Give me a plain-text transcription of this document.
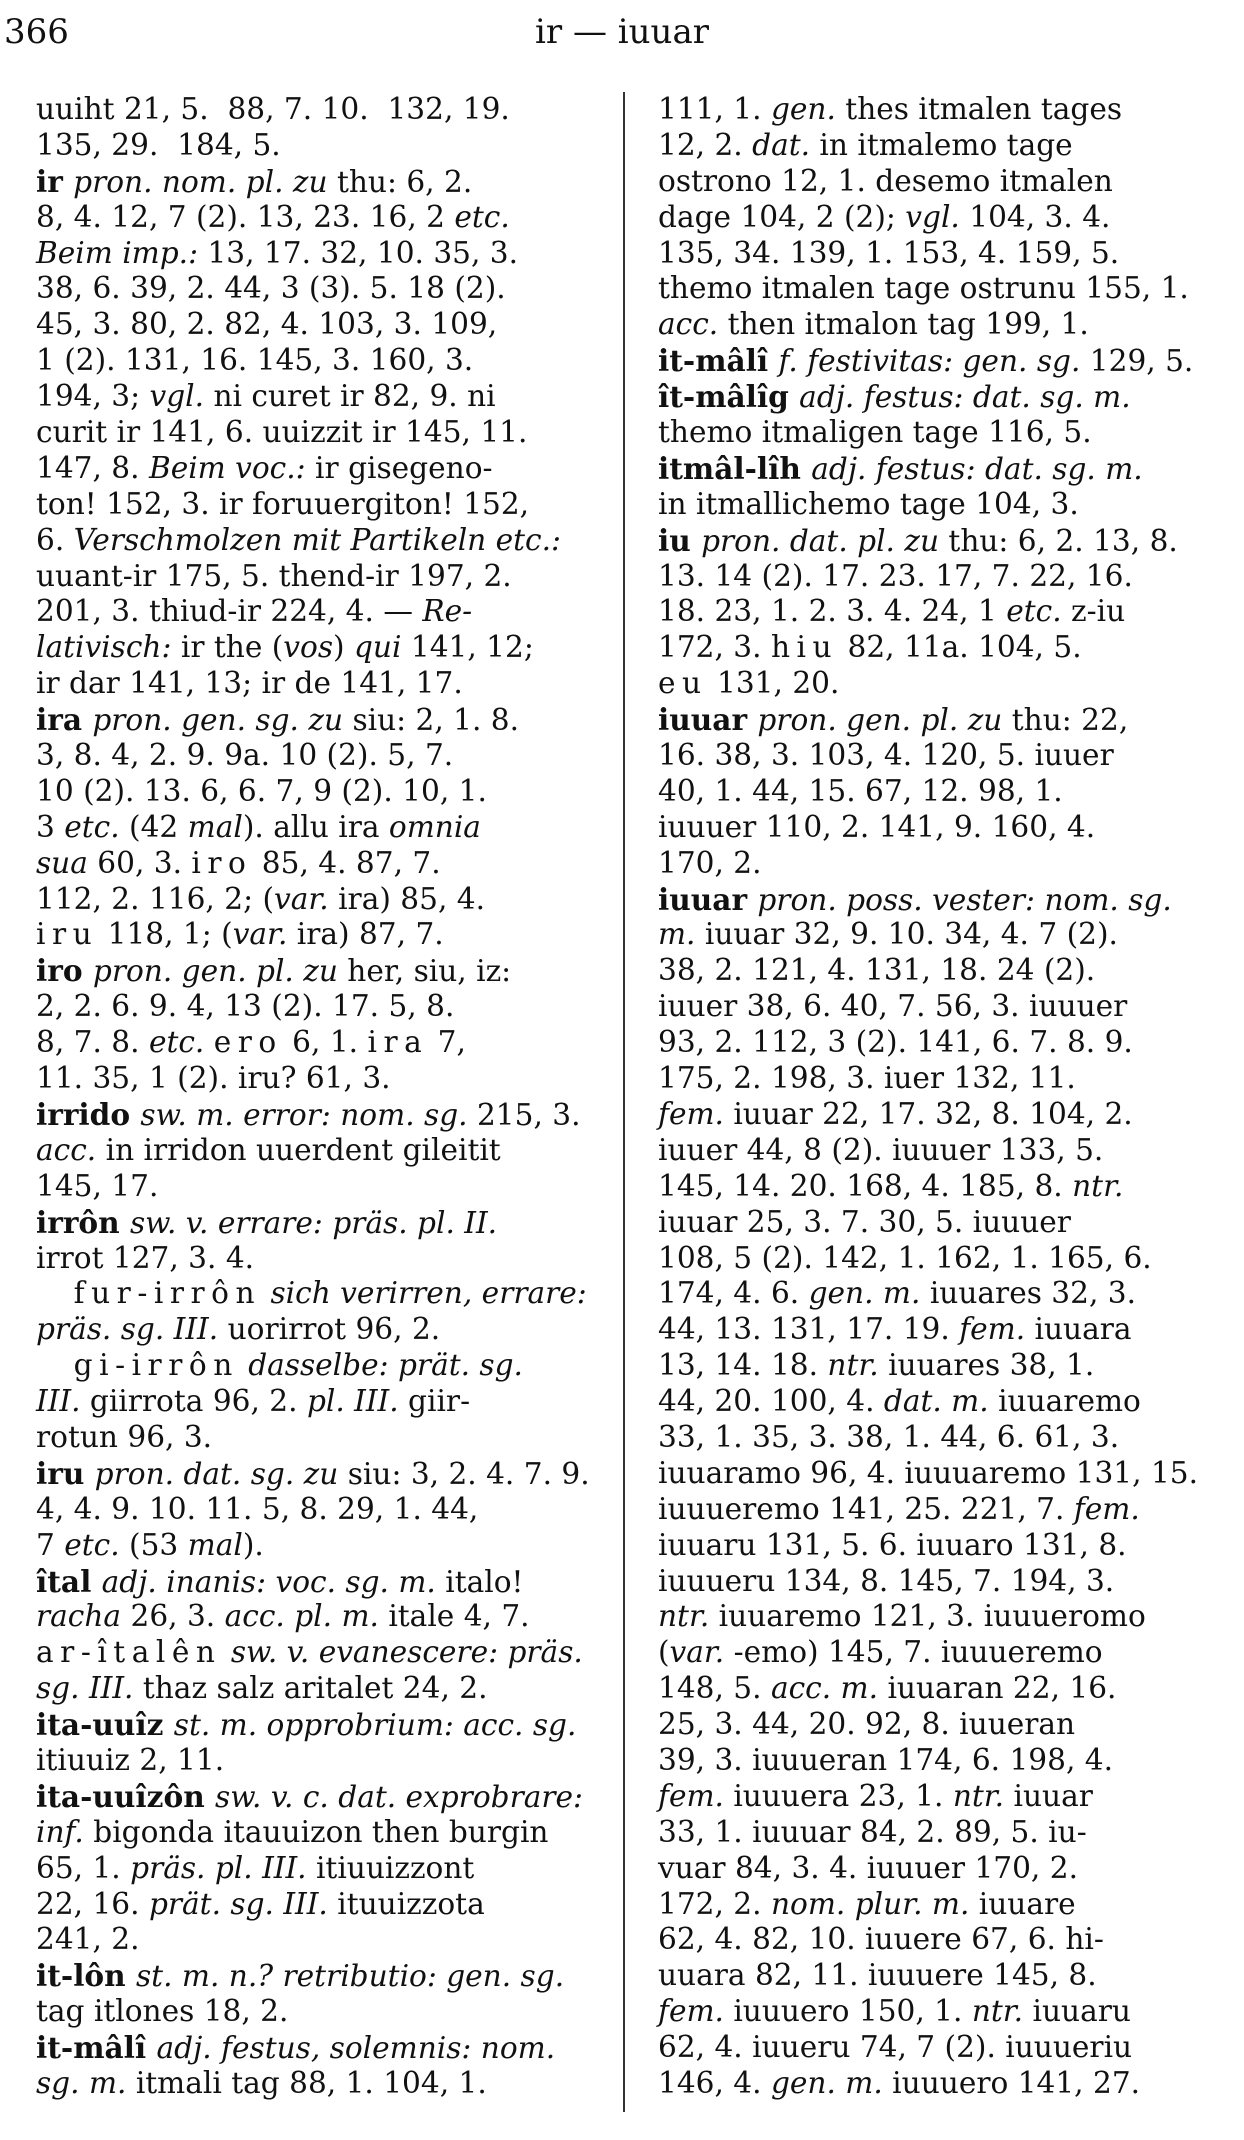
366	ir — iuuar
uuiht 21, 5.  88, 7. 10.  132, 19.
135, 29.  184, 5.
ir pron. nom. pl. zu thu: 6, 2.
8, 4. 12, 7 (2). 13, 23. 16, 2 etc.
Beim imp.: 13, 17. 32, 10. 35, 3.
38, 6. 39, 2. 44, 3 (3). 5. 18 (2).
45, 3. 80, 2. 82, 4. 103, 3. 109,
1 (2). 131, 16. 145, 3. 160, 3.
194, 3; vgl. ni curet ir 82, 9. ni
curit ir 141, 6. uuizzit ir 145, 11.
147, 8. Beim voc.: ir gisegeno-
ton! 152, 3. ir foruuergiton! 152,
6. Verschmolzen mit Partikeln etc.:
uuant-ir 175, 5. thend-ir 197, 2.
201, 3. thiud-ir 224, 4. — Re-
lativisch: ir the (vos) qui 141, 12;
ir dar 141, 13; ir de 141, 17.
ira pron. gen. sg. zu siu: 2, 1. 8.
3, 8. 4, 2. 9. 9a. 10 (2). 5, 7.
10 (2). 13. 6, 6. 7, 9 (2). 10, 1.
3 etc. (42 mal). allu ira omnia
sua 60, 3. iro 85, 4. 87, 7.
112, 2. 116, 2; (var. ira) 85, 4.
iru 118, 1; (var. ira) 87, 7.
iro pron. gen. pl. zu her, siu, iz:
2, 2. 6. 9. 4, 13 (2). 17. 5, 8.
8, 7. 8. etc. ero 6, 1. ira 7,
11. 35, 1 (2). iru? 61, 3.
irrido sw. m. error: nom. sg. 215, 3.
acc. in irridon uuerdent gileitit
145, 17.
irrôn sw. v. errare: präs. pl. II.
irrot 127, 3. 4.
fur-irrôn sich verirren, errare:
präs. sg. III. uorirrot 96, 2.
gi-irrôn dasselbe: prät. sg.
III. giirrota 96, 2. pl. III. giir-
rotun 96, 3.
iru pron. dat. sg. zu siu: 3, 2. 4. 7. 9.
4, 4. 9. 10. 11. 5, 8. 29, 1. 44,
7 etc. (53 mal).
îtal adj. inanis: voc. sg. m. italo!
racha 26, 3. acc. pl. m. itale 4, 7.
ar-îtalên sw. v. evanescere: präs.
sg. III. thaz salz aritalet 24, 2.
ita-uuîz st. m. opprobrium: acc. sg.
itiuuiz 2, 11.
ita-uuîzôn sw. v. c. dat. exprobrare:
inf. bigonda itauuizon then burgin
65, 1. präs. pl. III. itiuuizzont
22, 16. prät. sg. III. ituuizzota
241, 2.
it-lôn st. m. n.? retributio: gen. sg.
tag itlones 18, 2.
it-mâlî adj. festus, solemnis: nom.
sg. m. itmali tag 88, 1. 104, 1.
111, 1. gen. thes itmalen tages
12, 2. dat. in itmalemo tage
ostrono 12, 1. desemo itmalen
dage 104, 2 (2); vgl. 104, 3. 4.
135, 34. 139, 1. 153, 4. 159, 5.
themo itmalen tage ostrunu 155, 1.
acc. then itmalon tag 199, 1.
it-mâlî f. festivitas: gen. sg. 129, 5.
ît-mâlîg adj. festus: dat. sg. m.
themo itmaligen tage 116, 5.
itmâl-lîh adj. festus: dat. sg. m.
in itmallichemo tage 104, 3.
iu pron. dat. pl. zu thu: 6, 2. 13, 8.
13. 14 (2). 17. 23. 17, 7. 22, 16.
18. 23, 1. 2. 3. 4. 24, 1 etc. z-iu
172, 3. hiu 82, 11a. 104, 5.
eu 131, 20.
iuuar pron. gen. pl. zu thu: 22,
16. 38, 3. 103, 4. 120, 5. iuuer
40, 1. 44, 15. 67, 12. 98, 1.
iuuuer 110, 2. 141, 9. 160, 4.
170, 2.
iuuar pron. poss. vester: nom. sg.
m. iuuar 32, 9. 10. 34, 4. 7 (2).
38, 2. 121, 4. 131, 18. 24 (2).
iuuer 38, 6. 40, 7. 56, 3. iuuuer
93, 2. 112, 3 (2). 141, 6. 7. 8. 9.
175, 2. 198, 3. iuer 132, 11.
fem. iuuar 22, 17. 32, 8. 104, 2.
iuuer 44, 8 (2). iuuuer 133, 5.
145, 14. 20. 168, 4. 185, 8. ntr.
iuuar 25, 3. 7. 30, 5. iuuuer
108, 5 (2). 142, 1. 162, 1. 165, 6.
174, 4. 6. gen. m. iuuares 32, 3.
44, 13. 131, 17. 19. fem. iuuara
13, 14. 18. ntr. iuuares 38, 1.
44, 20. 100, 4. dat. m. iuuaremo
33, 1. 35, 3. 38, 1. 44, 6. 61, 3.
iuuaramo 96, 4. iuuuaremo 131, 15.
iuuueremo 141, 25. 221, 7. fem.
iuuaru 131, 5. 6. iuuaro 131, 8.
iuuueru 134, 8. 145, 7. 194, 3.
ntr. iuuaremo 121, 3. iuuueromo
(var. -emo) 145, 7. iuuueremo
148, 5. acc. m. iuuaran 22, 16.
25, 3. 44, 20. 92, 8. iuueran
39, 3. iuuueran 174, 6. 198, 4.
fem. iuuuera 23, 1. ntr. iuuar
33, 1. iuuuar 84, 2. 89, 5. iu-
vuar 84, 3. 4. iuuuer 170, 2.
172, 2. nom. plur. m. iuuare
62, 4. 82, 10. iuuere 67, 6. hi-
uuara 82, 11. iuuuere 145, 8.
fem. iuuuero 150, 1. ntr. iuuaru
62, 4. iuueru 74, 7 (2). iuuueriu
146, 4. gen. m. iuuuero 141, 27.
